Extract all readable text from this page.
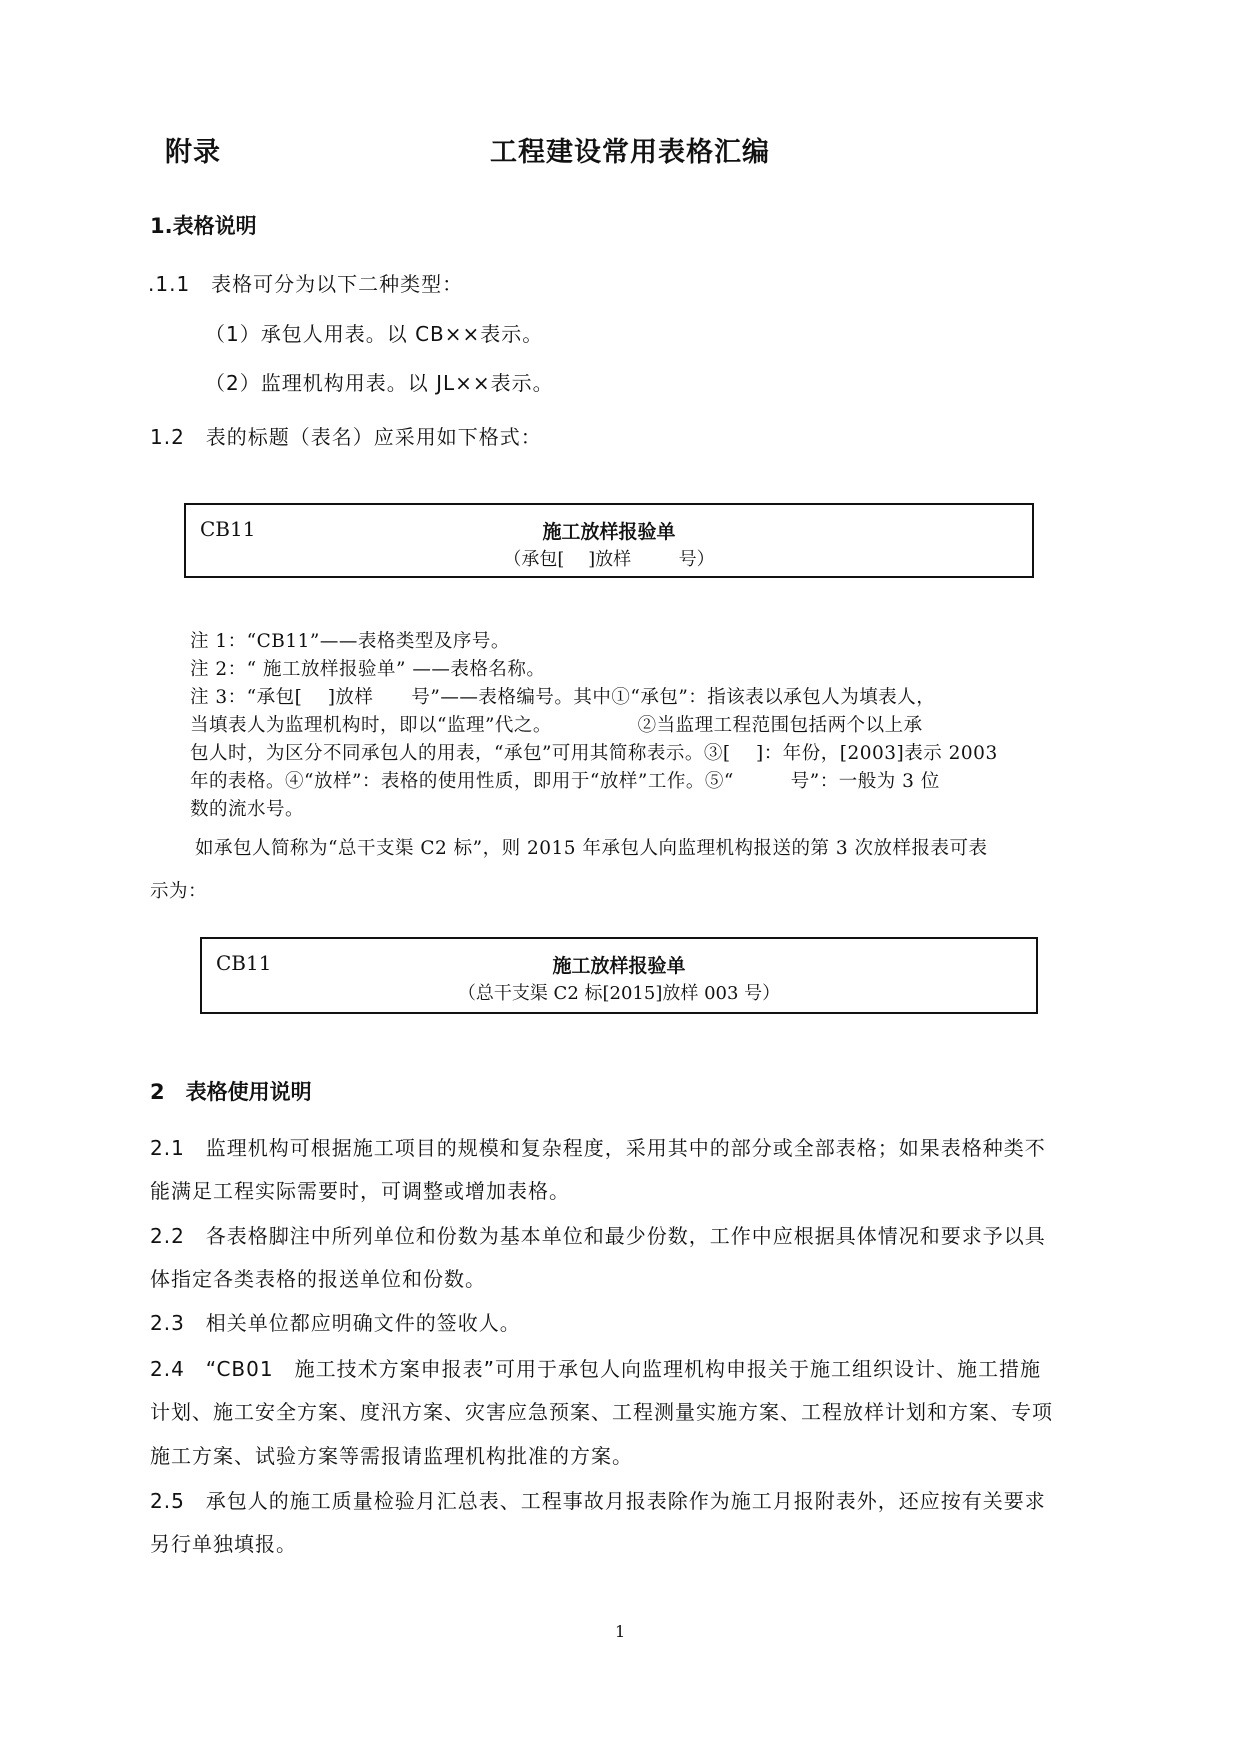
附录	工程建设常用表格汇编
1.表格说明
.1.1　表格可分为以下二种类型：
（1）承包人用表。以 CB××表示。
（2）监理机构用表。以 JL××表示。
1.2　表的标题（表名）应采用如下格式：
CB11	施工放样报验单
（承包[　 ]放样　　  号）
注 1：“CB11”——表格类型及序号。
注 2：“ 施工放样报验单” ——表格名称。
注 3：“承包[　 ]放样　　号”——表格编号。其中①“承包”：指该表以承包人为填表人，
当填表人为监理机构时，即以“监理”代之。　　　　　②当监理工程范围包括两个以上承
包人时，为区分不同承包人的用表，“承包”可用其简称表示。③[　 ]：年份，[2003]表示 2003
年的表格。④“放样”：表格的使用性质，即用于“放样”工作。⑤“　　　号”：一般为 3 位
数的流水号。
如承包人简称为“总干支渠 C2 标”，则 2015 年承包人向监理机构报送的第 3 次放样报表可表
示为：
CB11	施工放样报验单
（总干支渠 C2 标[2015]放样 003 号）
2　表格使用说明
2.1　监理机构可根据施工项目的规模和复杂程度，采用其中的部分或全部表格；如果表格种类不
能满足工程实际需要时，可调整或增加表格。
2.2　各表格脚注中所列单位和份数为基本单位和最少份数，工作中应根据具体情况和要求予以具
体指定各类表格的报送单位和份数。
2.3　相关单位都应明确文件的签收人。
2.4　“CB01　施工技术方案申报表”可用于承包人向监理机构申报关于施工组织设计、施工措施
计划、施工安全方案、度汛方案、灾害应急预案、工程测量实施方案、工程放样计划和方案、专项
施工方案、试验方案等需报请监理机构批准的方案。
2.5　承包人的施工质量检验月汇总表、工程事故月报表除作为施工月报附表外，还应按有关要求
另行单独填报。
1
